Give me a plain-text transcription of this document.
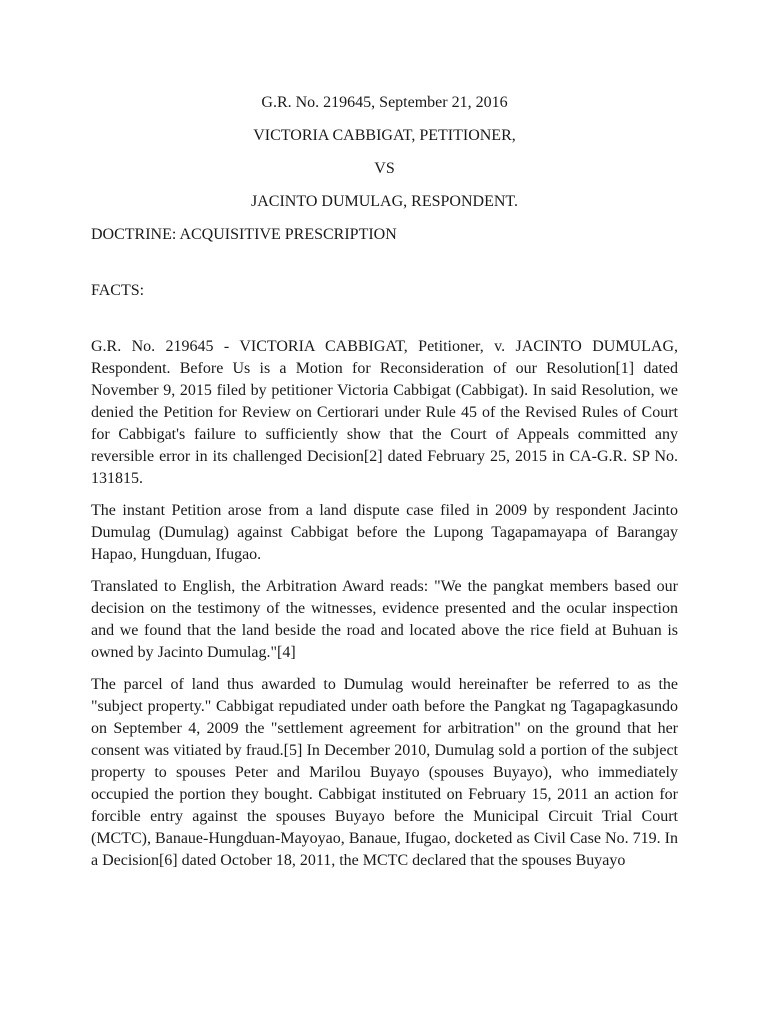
G.R. No. 219645, September 21, 2016

VICTORIA CABBIGAT, PETITIONER,

VS

JACINTO DUMULAG, RESPONDENT.

DOCTRINE: ACQUISITIVE PRESCRIPTION

FACTS:

G.R. No. 219645 - VICTORIA CABBIGAT, Petitioner, v. JACINTO DUMULAG, Respondent. Before Us is a Motion for Reconsideration of our Resolution[1] dated November 9, 2015 filed by petitioner Victoria Cabbigat (Cabbigat). In said Resolution, we denied the Petition for Review on Certiorari under Rule 45 of the Revised Rules of Court for Cabbigat's failure to sufficiently show that the Court of Appeals committed any reversible error in its challenged Decision[2] dated February 25, 2015 in CA-G.R. SP No. 131815.

The instant Petition arose from a land dispute case filed in 2009 by respondent Jacinto Dumulag (Dumulag) against Cabbigat before the Lupong Tagapamayapa of Barangay Hapao, Hungduan, Ifugao.

Translated to English, the Arbitration Award reads: "We the pangkat members based our decision on the testimony of the witnesses, evidence presented and the ocular inspection and we found that the land beside the road and located above the rice field at Buhuan is owned by Jacinto Dumulag."[4]

The parcel of land thus awarded to Dumulag would hereinafter be referred to as the "subject property." Cabbigat repudiated under oath before the Pangkat ng Tagapagkasundo on September 4, 2009 the "settlement agreement for arbitration" on the ground that her consent was vitiated by fraud.[5] In December 2010, Dumulag sold a portion of the subject property to spouses Peter and Marilou Buyayo (spouses Buyayo), who immediately occupied the portion they bought. Cabbigat instituted on February 15, 2011 an action for forcible entry against the spouses Buyayo before the Municipal Circuit Trial Court (MCTC), Banaue-Hungduan-Mayoyao, Banaue, Ifugao, docketed as Civil Case No. 719. In a Decision[6] dated October 18, 2011, the MCTC declared that the spouses Buyayo
